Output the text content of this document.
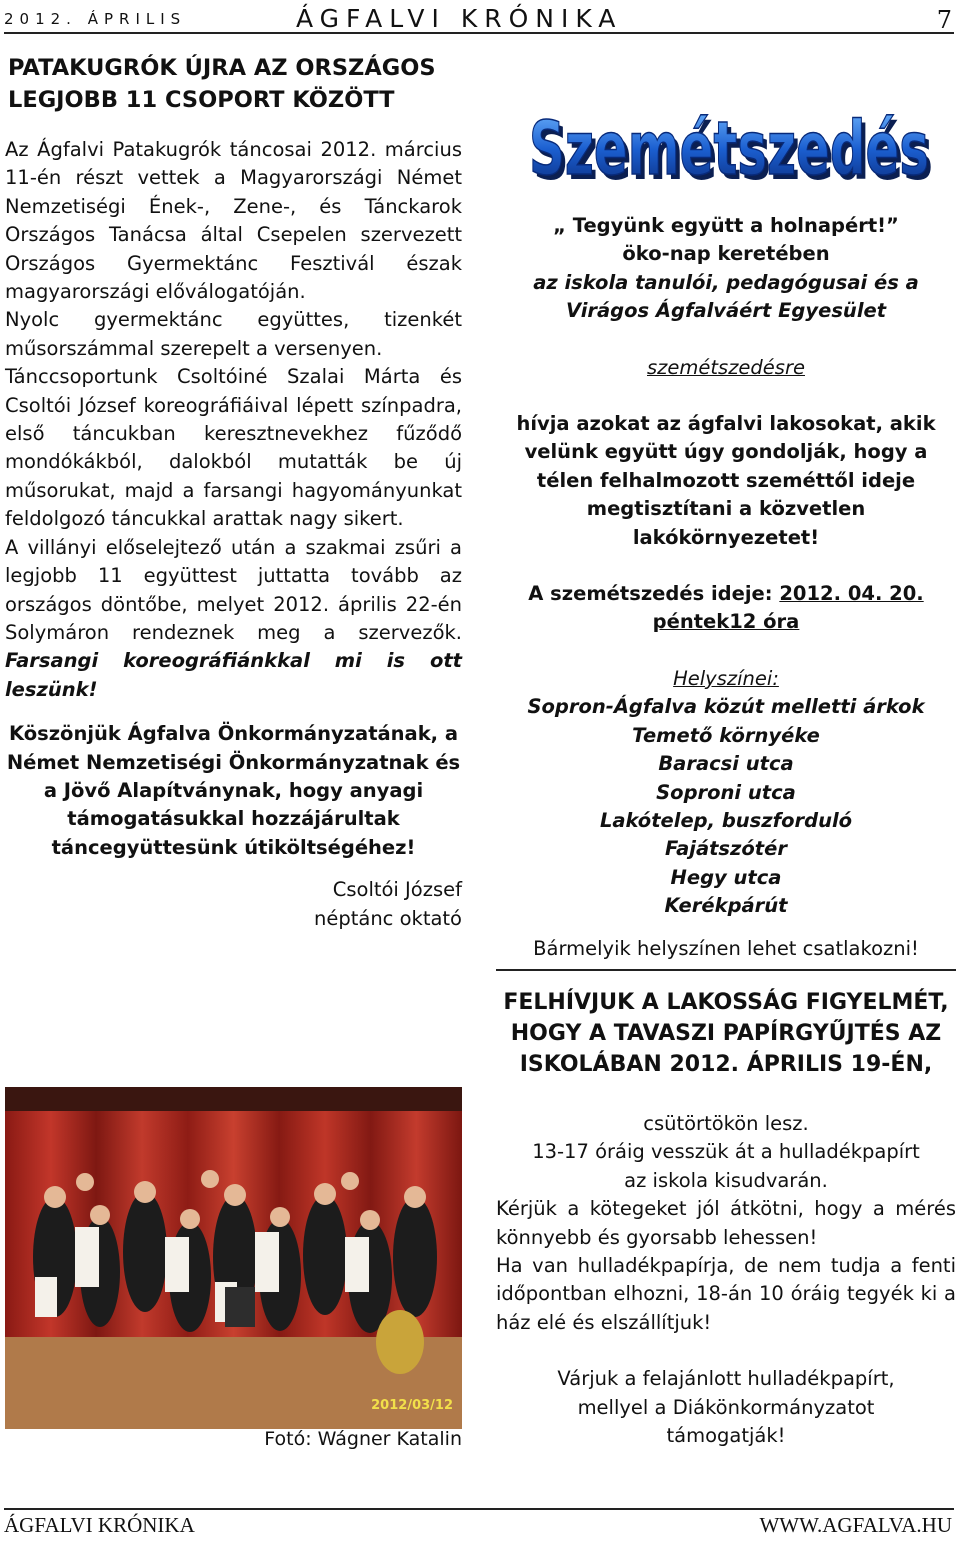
2012. ÁPRILIS	ÁGFALVI KRÓNIKA	7
PATAKUGRÓK ÚJRA AZ ORSZÁGOS
LEGJOBB 11 CSOPORT KÖZÖTT

Az Ágfalvi Patakugrók táncosai 2012. március 11-én részt vettek a Magyarországi Német Nemzetiségi Ének-, Zene-, és Tánckarok Országos Tanácsa által Csepelen szervezett Országos Gyermektánc Fesztivál észak magyarországi előválogatóján.

Nyolc gyermektánc együttes, tizenkét műsorszámmal szerepelt a versenyen.

Tánccsoportunk Csoltóiné Szalai Márta és Csoltói József koreográfiáival lépett színpadra, első táncukban keresztnevekhez fűződő mondókákból, dalokból mutatták be új műsorukat, majd a farsangi hagyományunkat feldolgozó táncukkal arattak nagy sikert.

A villányi előselejtező után a szakmai zsűri a legjobb 11 együttest juttatta tovább az országos döntőbe, melyet 2012. április 22-én Solymáron rendeznek meg a szervezők. Farsangi koreográfiánkkal mi is ott leszünk!

Köszönjük Ágfalva Önkormányzatának, a Német Nemzetiségi Önkormányzatnak és a Jövő Alapítványnak, hogy anyagi támogatásukkal hozzájárultak táncegyüttesünk útiköltségéhez!
Csoltói József
néptánc oktató
2012/03/12
Fotó: Wágner Katalin
Szemétszedés
Szemétszedés
„ Tegyünk együtt a holnapért!”
öko-nap keretében
az iskola tanulói, pedagógusai és a
Virágos Ágfalváért Egyesület
szemétszedésre
hívja azokat az ágfalvi lakosokat, akik
velünk együtt úgy gondolják, hogy a
télen felhalmozott szeméttől ideje
megtisztítani a közvetlen
lakókörnyezetet!
A szemétszedés ideje: 2012. 04. 20.
péntek12 óra
Helyszínei:
Sopron-Ágfalva közút melletti árkok
Temető környéke
Baracsi utca
Soproni utca
Lakótelep, buszforduló
Fajátszótér
Hegy utca
Kerékpárút
Bármelyik helyszínen lehet csatlakozni!
FELHÍVJUK A LAKOSSÁG FIGYELMÉT,
HOGY A TAVASZI PAPÍRGYŰJTÉS AZ
ISKOLÁBAN 2012. ÁPRILIS 19-ÉN,
csütörtökön lesz.
13-17 óráig vesszük át a hulladékpapírt
az iskola kisudvarán.

Kérjük a kötegeket jól átkötni, hogy a mérés könnyebb és gyorsabb lehessen!

Ha van hulladékpapírja, de nem tudja a fenti időpontban elhozni, 18-án 10 óráig tegyék ki a ház elé és elszállítjuk!

Várjuk a felajánlott hulladékpapírt,
mellyel a Diákönkormányzatot
támogatják!
ÁGFALVI KRÓNIKA	WWW.AGFALVA.HU
